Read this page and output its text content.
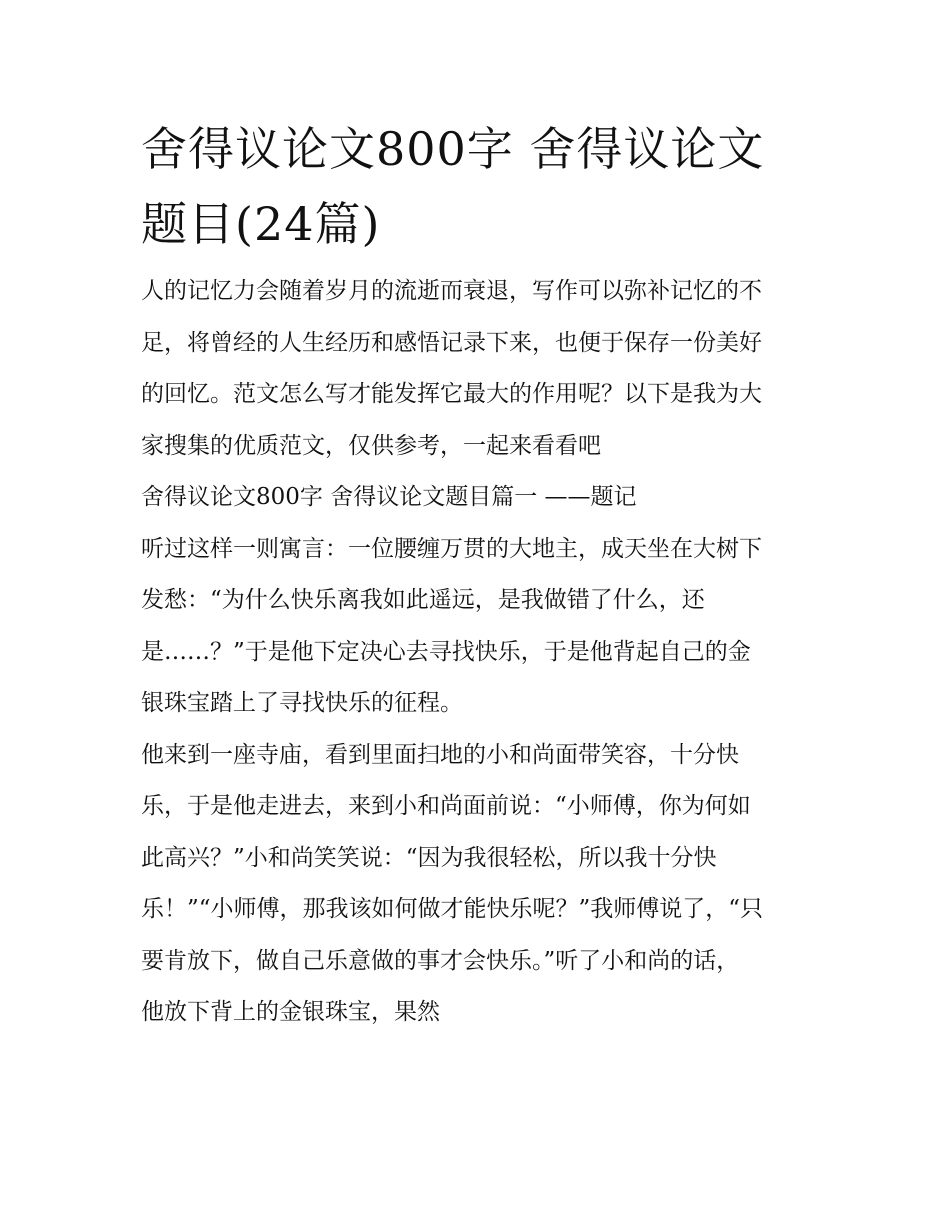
舍得议论文800字 舍得议论文
题目(24篇)

人的记忆力会随着岁月的流逝而衰退，写作可以弥补记忆的不
足，将曾经的人生经历和感悟记录下来，也便于保存一份美好
的回忆。范文怎么写才能发挥它最大的作用呢？以下是我为大
家搜集的优质范文，仅供参考，一起来看看吧

舍得议论文800字 舍得议论文题目篇一 ——题记

听过这样一则寓言：一位腰缠万贯的大地主，成天坐在大树下
发愁：“为什么快乐离我如此遥远，是我做错了什么，还
是……？”于是他下定决心去寻找快乐，于是他背起自己的金
银珠宝踏上了寻找快乐的征程。

他来到一座寺庙，看到里面扫地的小和尚面带笑容，十分快
乐，于是他走进去，来到小和尚面前说：“小师傅，你为何如
此高兴？”小和尚笑笑说：“因为我很轻松，所以我十分快
乐！”“小师傅，那我该如何做才能快乐呢？”我师傅说了，“只
要肯放下，做自己乐意做的事才会快乐。”听了小和尚的话，
他放下背上的金银珠宝，果然
